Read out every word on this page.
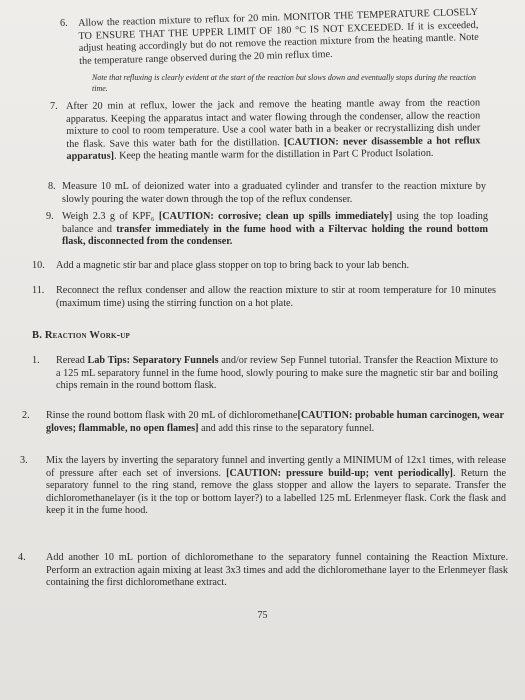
6. Allow the reaction mixture to reflux for 20 min. MONITOR THE TEMPERATURE CLOSELY TO ENSURE THAT THE UPPER LIMIT OF 180 °C IS NOT EXCEEDED. If it is exceeded, adjust heating accordingly but do not remove the reaction mixture from the heating mantle. Note the temperature range observed during the 20 min reflux time.
Note that refluxing is clearly evident at the start of the reaction but slows down and eventually stops during the reaction time.
7. After 20 min at reflux, lower the jack and remove the heating mantle away from the reaction apparatus. Keeping the apparatus intact and water flowing through the condenser, allow the reaction mixture to cool to room temperature. Use a cool water bath in a beaker or recrystallizing dish under the flask. Save this water bath for the distillation. [CAUTION: never disassemble a hot reflux apparatus]. Keep the heating mantle warm for the distillation in Part C Product Isolation.
8. Measure 10 mL of deionized water into a graduated cylinder and transfer to the reaction mixture by slowly pouring the water down through the top of the reflux condenser.
9. Weigh 2.3 g of KPF₆ [CAUTION: corrosive; clean up spills immediately] using the top loading balance and transfer immediately in the fume hood with a Filtervac holding the round bottom flask, disconnected from the condenser.
10. Add a magnetic stir bar and place glass stopper on top to bring back to your lab bench.
11. Reconnect the reflux condenser and allow the reaction mixture to stir at room temperature for 10 minutes (maximum time) using the stirring function on a hot plate.
B. Reaction Work-up
1. Reread Lab Tips: Separatory Funnels and/or review Sep Funnel tutorial. Transfer the Reaction Mixture to a 125 mL separatory funnel in the fume hood, slowly pouring to make sure the magnetic stir bar and boiling chips remain in the round bottom flask.
2. Rinse the round bottom flask with 20 mL of dichloromethane[CAUTION: probable human carcinogen, wear gloves; flammable, no open flames] and add this rinse to the separatory funnel.
3. Mix the layers by inverting the separatory funnel and inverting gently a MINIMUM of 12x1 times, with release of pressure after each set of inversions. [CAUTION: pressure build-up; vent periodically]. Return the separatory funnel to the ring stand, remove the glass stopper and allow the layers to separate. Transfer the dichloromethanelayer (is it the top or bottom layer?) to a labelled 125 mL Erlenmeyer flask. Cork the flask and keep it in the fume hood.
4. Add another 10 mL portion of dichloromethane to the separatory funnel containing the Reaction Mixture. Perform an extraction again mixing at least 3x3 times and add the dichloromethane layer to the Erlenmeyer flask containing the first dichloromethane extract.
75
